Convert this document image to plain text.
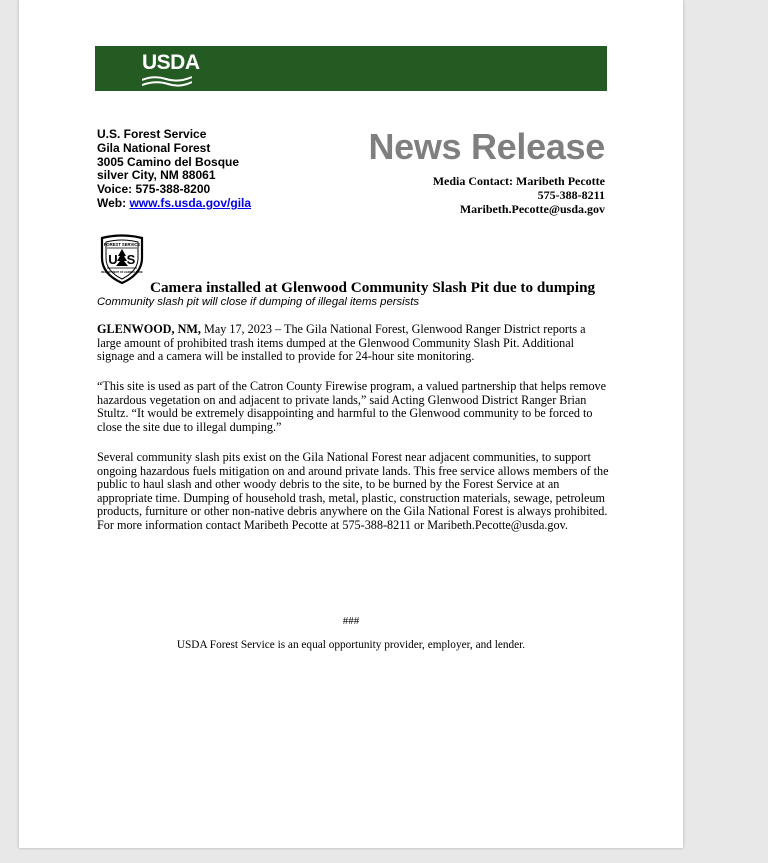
USDA
U.S. Forest Service
Gila National Forest
3005 Camino del Bosque
silver City, NM 88061
Voice: 575-388-8200
Web: www.fs.usda.gov/gila
News Release
Media Contact: Maribeth Pecotte
575-388-8211
Maribeth.Pecotte@usda.gov
FOREST SERVICE
U S
DEPARTMENT OF AGRICULTURE
Camera installed at Glenwood Community Slash Pit due to dumping
Community slash pit will close if dumping of illegal items persists

GLENWOOD, NM, May 17, 2023 – The Gila National Forest, Glenwood Ranger District reports a large amount of prohibited trash items dumped at the Glenwood Community Slash Pit. Additional signage and a camera will be installed to provide for 24-hour site monitoring.

“This site is used as part of the Catron County Firewise program, a valued partnership that helps remove hazardous vegetation on and adjacent to private lands,” said Acting Glenwood District Ranger Brian Stultz. “It would be extremely disappointing and harmful to the Glenwood community to be forced to close the site due to illegal dumping.”

Several community slash pits exist on the Gila National Forest near adjacent communities, to support ongoing hazardous fuels mitigation on and around private lands. This free service allows members of the public to haul slash and other woody debris to the site, to be burned by the Forest Service at an appropriate time. Dumping of household trash, metal, plastic, construction materials, sewage, petroleum products, furniture or other non-native debris anywhere on the Gila National Forest is always prohibited. For more information contact Maribeth Pecotte at 575-388-8211 or Maribeth.Pecotte@usda.gov.

###
USDA Forest Service is an equal opportunity provider, employer, and lender.
